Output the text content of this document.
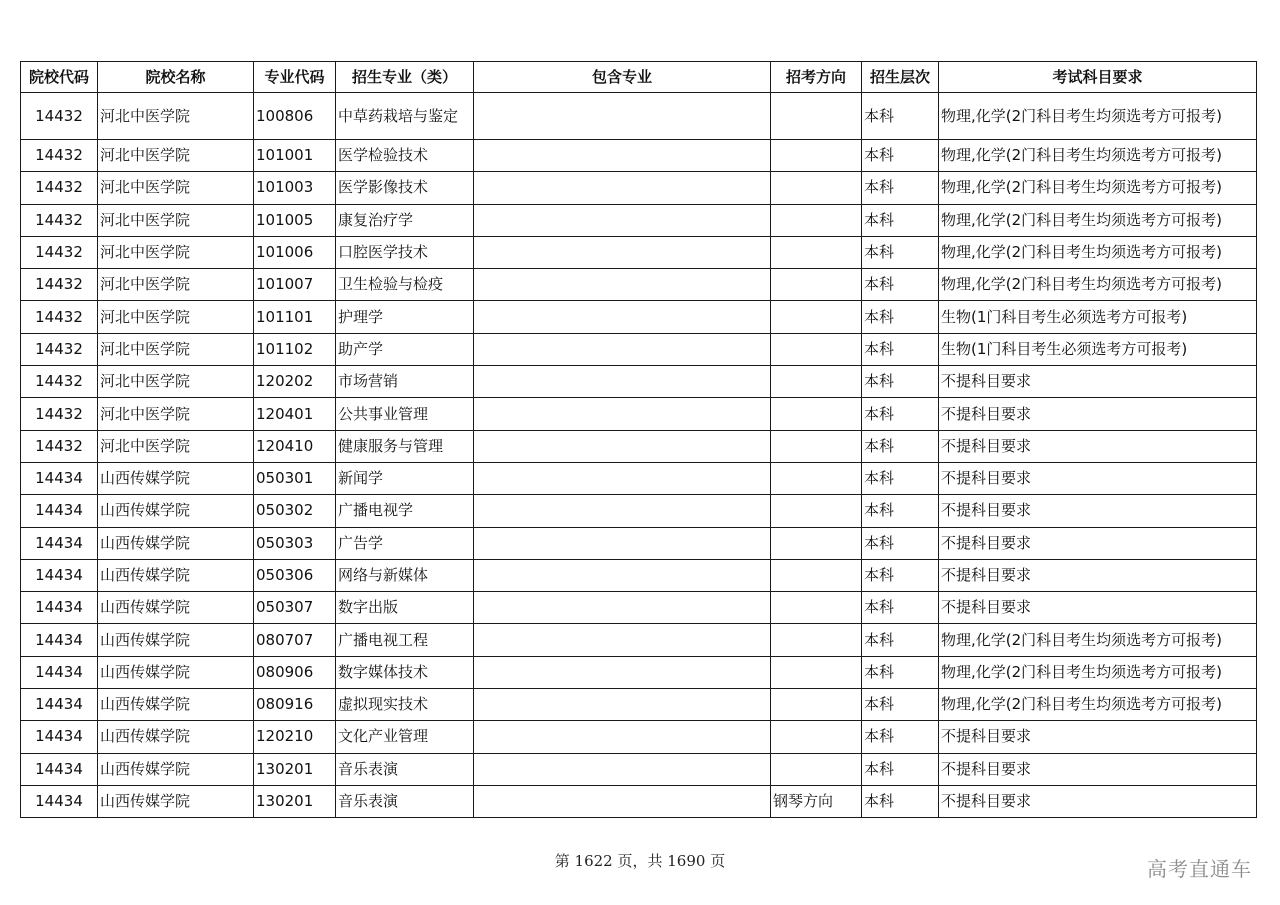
院校代码	院校名称	专业代码	招生专业（类）	包含专业	招考方向	招生层次	考试科目要求
14432	河北中医学院	100806	中草药栽培与鉴定			本科	物理,化学(2门科目考生均须选考方可报考)
14432	河北中医学院	101001	医学检验技术			本科	物理,化学(2门科目考生均须选考方可报考)
14432	河北中医学院	101003	医学影像技术			本科	物理,化学(2门科目考生均须选考方可报考)
14432	河北中医学院	101005	康复治疗学			本科	物理,化学(2门科目考生均须选考方可报考)
14432	河北中医学院	101006	口腔医学技术			本科	物理,化学(2门科目考生均须选考方可报考)
14432	河北中医学院	101007	卫生检验与检疫			本科	物理,化学(2门科目考生均须选考方可报考)
14432	河北中医学院	101101	护理学			本科	生物(1门科目考生必须选考方可报考)
14432	河北中医学院	101102	助产学			本科	生物(1门科目考生必须选考方可报考)
14432	河北中医学院	120202	市场营销			本科	不提科目要求
14432	河北中医学院	120401	公共事业管理			本科	不提科目要求
14432	河北中医学院	120410	健康服务与管理			本科	不提科目要求
14434	山西传媒学院	050301	新闻学			本科	不提科目要求
14434	山西传媒学院	050302	广播电视学			本科	不提科目要求
14434	山西传媒学院	050303	广告学			本科	不提科目要求
14434	山西传媒学院	050306	网络与新媒体			本科	不提科目要求
14434	山西传媒学院	050307	数字出版			本科	不提科目要求
14434	山西传媒学院	080707	广播电视工程			本科	物理,化学(2门科目考生均须选考方可报考)
14434	山西传媒学院	080906	数字媒体技术			本科	物理,化学(2门科目考生均须选考方可报考)
14434	山西传媒学院	080916	虚拟现实技术			本科	物理,化学(2门科目考生均须选考方可报考)
14434	山西传媒学院	120210	文化产业管理			本科	不提科目要求
14434	山西传媒学院	130201	音乐表演			本科	不提科目要求
14434	山西传媒学院	130201	音乐表演		钢琴方向	本科	不提科目要求
第 1622 页，共 1690 页	高考直通车
